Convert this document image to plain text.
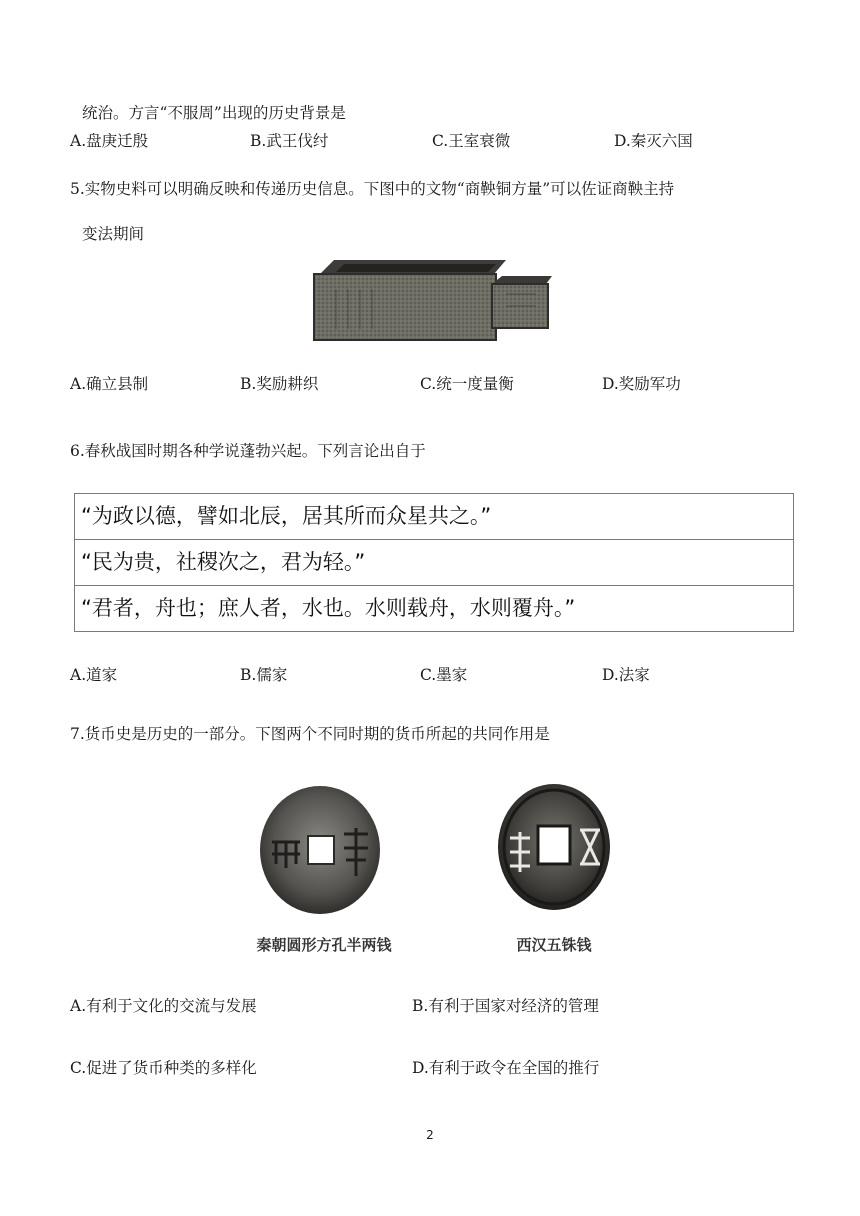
统治。方言“不服周”出现的历史背景是
A.盘庚迁殷	B.武王伐纣	C.王室衰微	D.秦灭六国
5.实物史料可以明确反映和传递历史信息。下图中的文物“商鞅铜方量”可以佐证商鞅主持
变法期间
A.确立县制	B.奖励耕织	C.统一度量衡	D.奖励军功
6.春秋战国时期各种学说蓬勃兴起。下列言论出自于
“为政以德，譬如北辰，居其所而众星共之。”
“民为贵，社稷次之，君为轻。”
“君者，舟也；庶人者，水也。水则载舟，水则覆舟。”
A.道家	B.儒家	C.墨家	D.法家
7.货币史是历史的一部分。下图两个不同时期的货币所起的共同作用是
秦朝圆形方孔半两钱	西汉五铢钱
A.有利于文化的交流与发展	B.有利于国家对经济的管理
C.促进了货币种类的多样化	D.有利于政令在全国的推行
2
